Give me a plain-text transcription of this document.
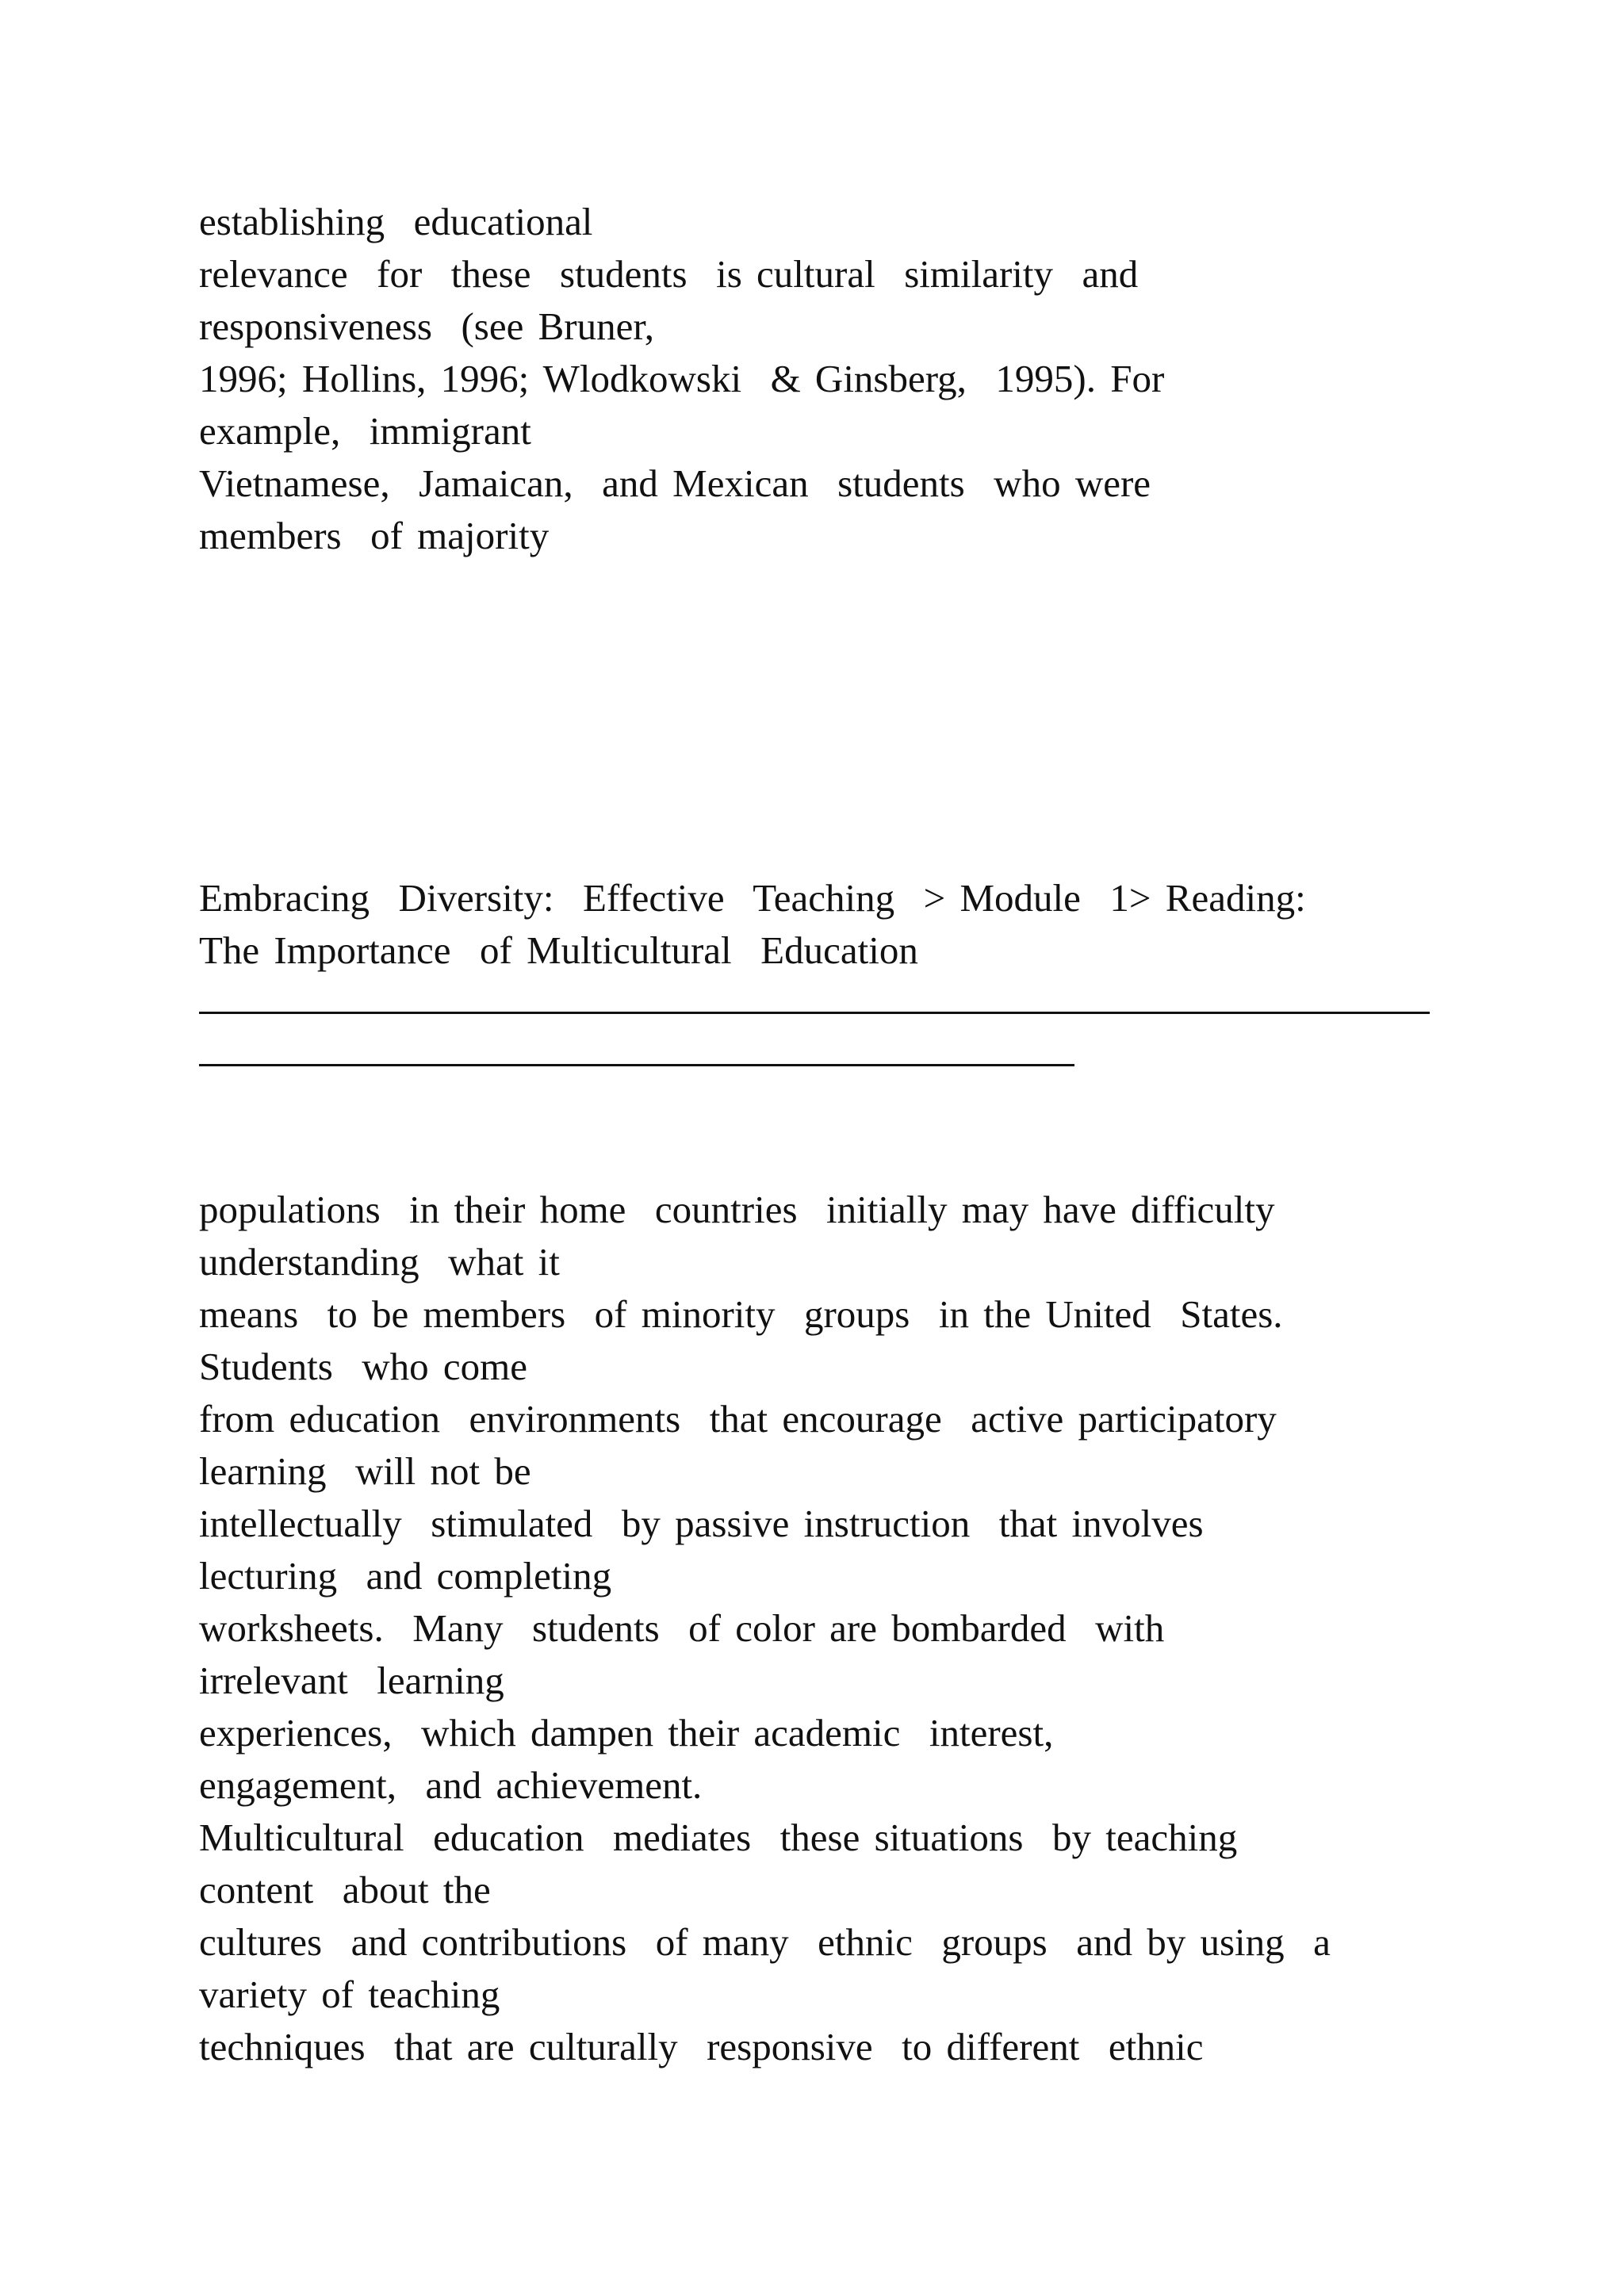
establishing  educational
relevance  for  these  students  is cultural  similarity  and
responsiveness  (see Bruner,
1996; Hollins, 1996; Wlodkowski  & Ginsberg,  1995). For
example,  immigrant
Vietnamese,  Jamaican,  and Mexican  students  who were
members  of majority
Embracing  Diversity:  Effective  Teaching  > Module  1> Reading:
The Importance  of Multicultural  Education
populations  in their home  countries  initially may have difficulty
understanding  what it
means  to be members  of minority  groups  in the United  States.
Students  who come
from education  environments  that encourage  active participatory
learning  will not be
intellectually  stimulated  by passive instruction  that involves
lecturing  and completing
worksheets.  Many  students  of color are bombarded  with
irrelevant  learning
experiences,  which dampen their academic  interest,
engagement,  and achievement.
Multicultural  education  mediates  these situations  by teaching
content  about the
cultures  and contributions  of many  ethnic  groups  and by using  a
variety of teaching
techniques  that are culturally  responsive  to different  ethnic
